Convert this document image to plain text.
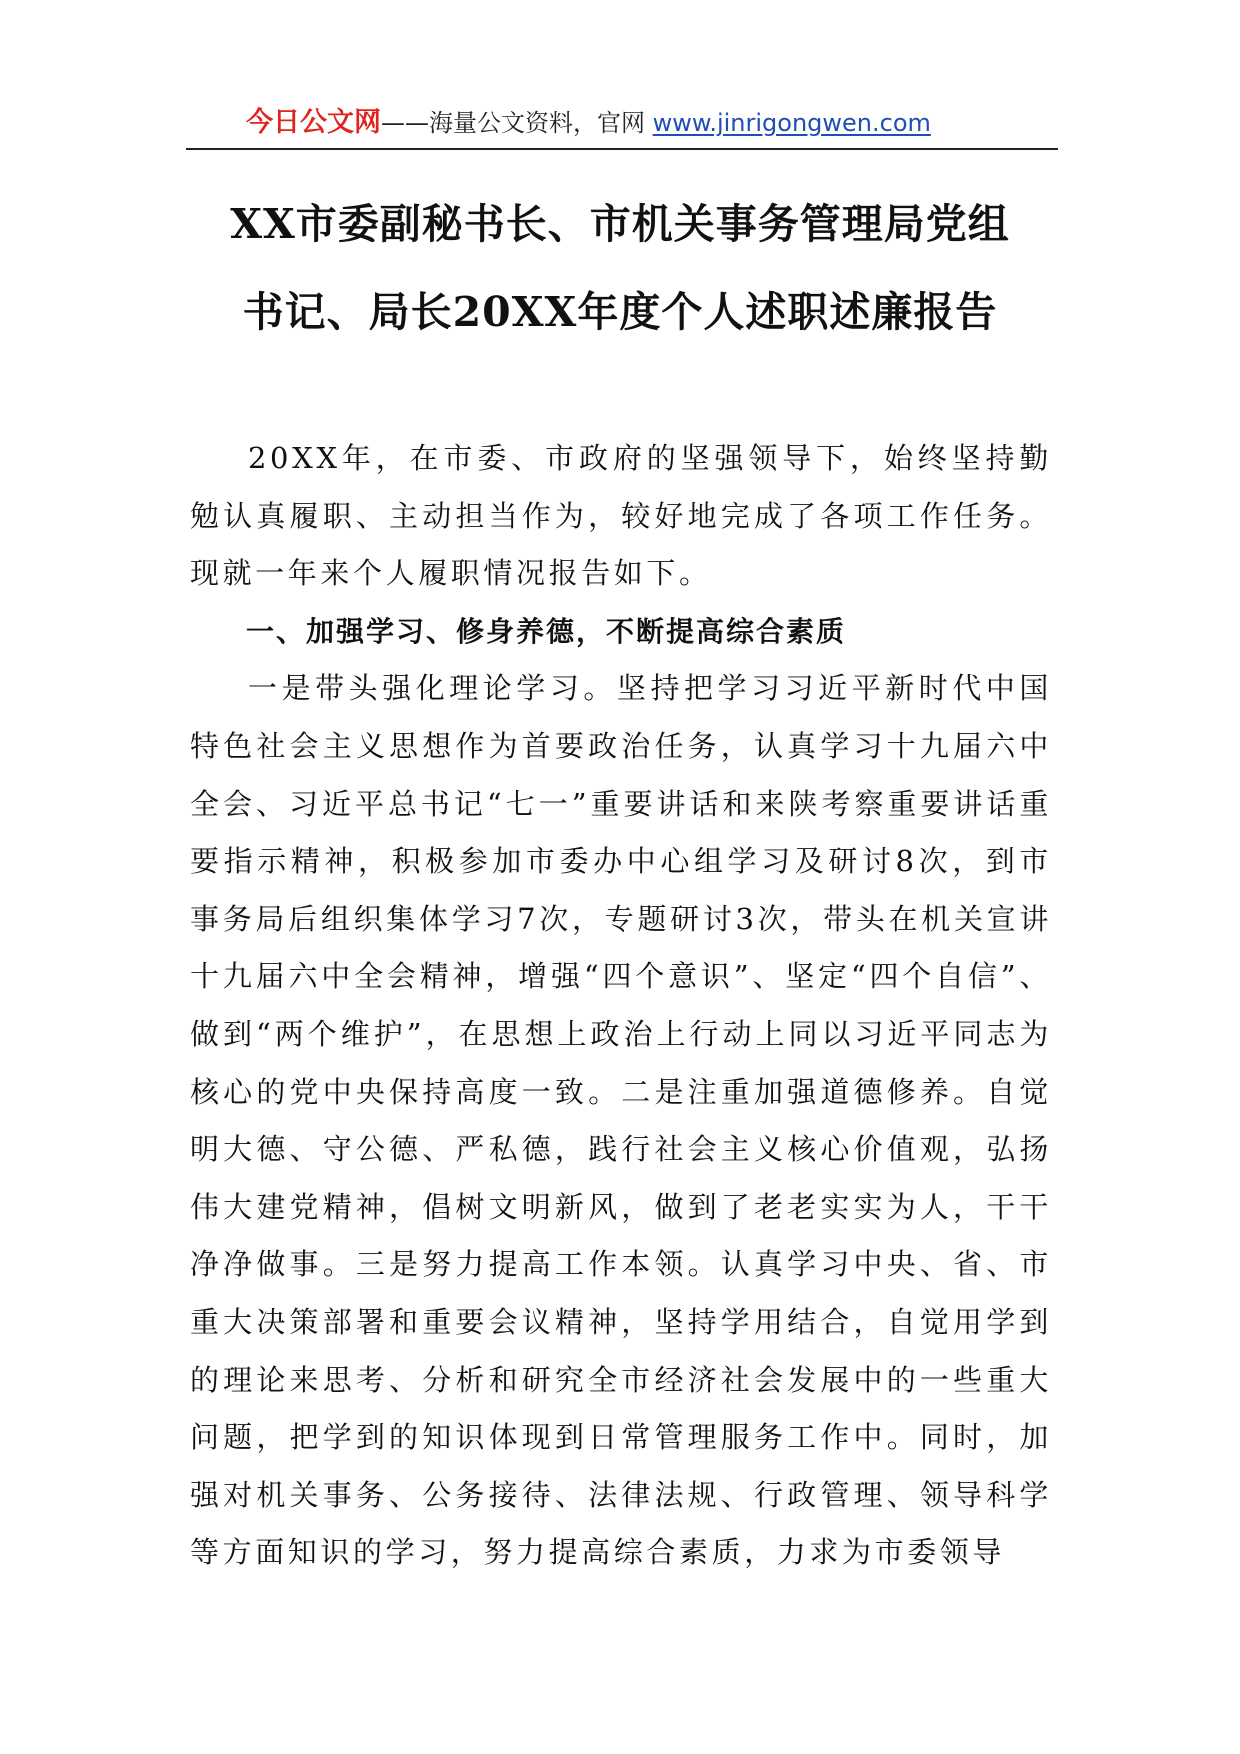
今日公文网——海量公文资料，官网 www.jinrigongwen.com
XX市委副秘书长、市机关事务管理局党组
书记、局长20XX年度个人述职述廉报告

20XX年，在市委、市政府的坚强领导下，始终坚持勤勉认真履职、主动担当作为，较好地完成了各项工作任务。现就一年来个人履职情况报告如下。

一、加强学习、修身养德，不断提高综合素质

一是带头强化理论学习。坚持把学习习近平新时代中国特色社会主义思想作为首要政治任务，认真学习十九届六中全会、习近平总书记“七一”重要讲话和来陕考察重要讲话重要指示精神，积极参加市委办中心组学习及研讨8次，到市事务局后组织集体学习7次，专题研讨3次，带头在机关宣讲十九届六中全会精神，增强“四个意识”、坚定“四个自信”、做到“两个维护”，在思想上政治上行动上同以习近平同志为核心的党中央保持高度一致。二是注重加强道德修养。自觉明大德、守公德、严私德，践行社会主义核心价值观，弘扬伟大建党精神，倡树文明新风，做到了老老实实为人，干干净净做事。三是努力提高工作本领。认真学习中央、省、市重大决策部署和重要会议精神，坚持学用结合，自觉用学到的理论来思考、分析和研究全市经济社会发展中的一些重大问题，把学到的知识体现到日常管理服务工作中。同时，加强对机关事务、公务接待、法律法规、行政管理、领导科学等方面知识的学习，努力提高综合素质，力求为市委领导
